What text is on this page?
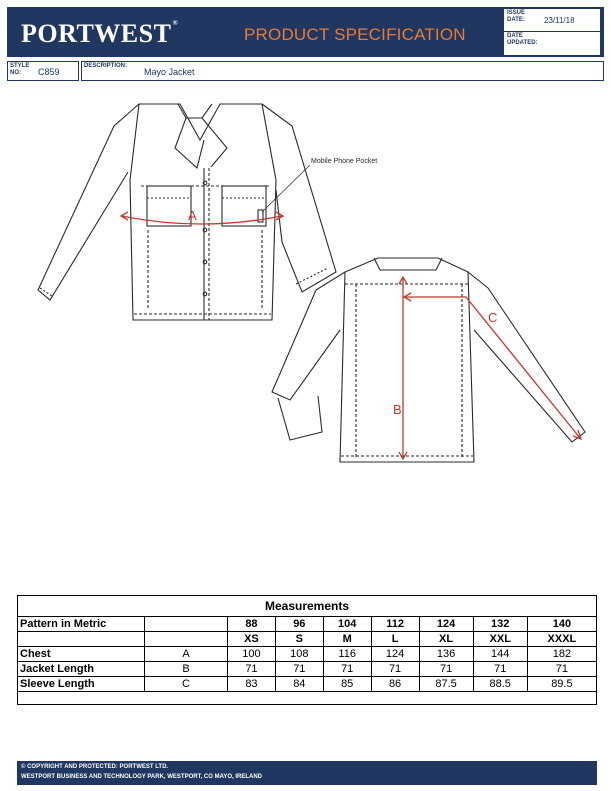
PORTWEST®
PRODUCT SPECIFICATION
ISSUE DATE:	23/11/18
DATE UPDATED:
STYLE NO:	C859
DESCRIPTION:
Mayo Jacket
Mobile Phone Pocket
A
B
C
Measurements								
Pattern in Metric		88	96	104	112	124	132	140
		XS	S	M	L	XL	XXL	XXXL
Chest	A	100	108	116	124	136	144	182
Jacket Length	B	71	71	71	71	71	71	71
Sleeve Length	C	83	84	85	86	87.5	88.5	89.5

© COPYRIGHT AND PROTECTED: PORTWEST LTD.
WESTPORT BUSINESS AND TECHNOLOGY PARK, WESTPORT, CO MAYO, IRELAND
